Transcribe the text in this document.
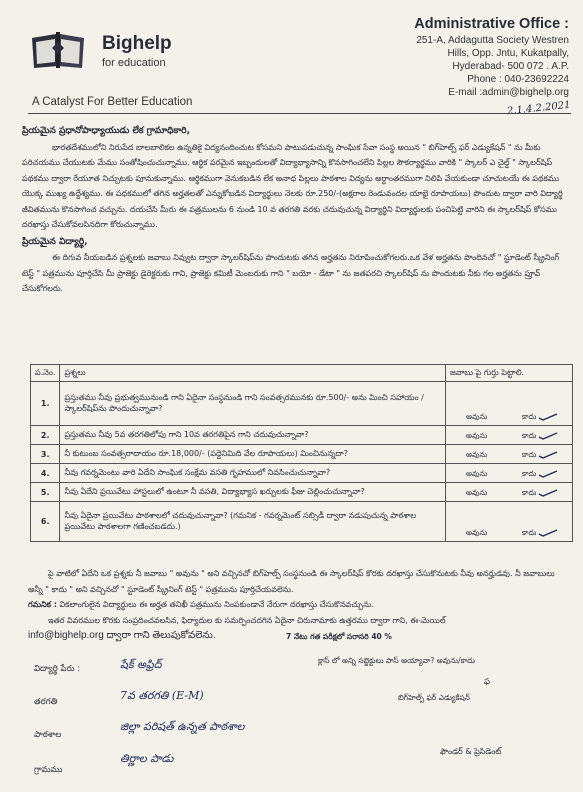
Bighelp
for education
A Catalyst For Better Education
Administrative Office :
251-A, Addagutta Society Westren
Hills, Opp. Jntu, Kukatpally,
Hyderabad- 500 072 . A.P.
Phone : 040-23692224
E-mail :admin@bighelp.org
2.1.4.2.2021
ప్రియమైన ప్రధానోపాధ్యాయుడు లేక గ్రామాధికారి,
భారతదేశములోని నిరుపేద బాలబాలికల ఉన్నతికై విద్యనందించుట కోసమని పాటుపడుచున్న సాంఘిక సేవా సంస్థ అయిన " బిగ్‌హెల్ప్ ఫర్ ఎడ్యుకేషన్ " ను మీకు పరిచయము చేయుటకు మేము సంతోషించుచున్నాము. ఆర్థిక పరమైన ఇబ్బందులతో విద్యాభ్యాసాన్ని కొనసాగించలేని పిల్లల సౌకర్యార్థము వారికి " స్కాలర్ ఎ చైల్డ్ " స్కాలర్‌షిప్ పథకము ద్వారా రేయూత నిచ్చుటకు పూనుకున్నాము. ఆర్థికముగా వెనుకబడిన లేక అనాధ పిల్లలు పాఠశాల విద్యను అర్ధాంతరముగా నిలిపి వేయకుండా చూచుటయే ఈ పథకము యొక్క ముఖ్య ఉద్దేశ్యము. ఈ పధకములో తగిన అర్హతలతో ఎన్నుకోబడిన విద్యార్థులు నెలకు రూ.250/-(అక్షరాల రెండువందల యాభై రూపాయలు) పొందుట ద్వారా వారి విద్యార్థి జీవితమును కొనసాగించ వచ్చును. దయచేసి మీరు ఈ పత్రములను 6 నుండి 10 వ తరగతి వరకు చదువుచున్న విద్యార్థిని విద్యార్థులకు పంచిపెట్టి వారిని ఈ స్కాలర్‌షిప్ కోసము దరఖాస్తు చేసుకోవలసినదిగా కోరుచున్నాము.
ప్రియమైన విద్యార్థి,
ఈ దిగువ నీయబడిన ప్రశ్నలకు జవాబు నివ్వుట ద్వారా స్కాలర్‌షిప్‌ను పొందుటకు తగిన అర్హతను నిరూపించుకోగలరు.ఒక వేళ అర్హతను పొందినచో " స్టూడెంట్ స్క్రీనింగ్ టెస్ట్ " పత్రమును పూర్తిచేసి మీ ప్రాజెక్టు డైరెక్టరుకు గాని, ప్రాజెక్టు కమిటీ మెంబరుకు గాని " బయో - డేటా " ను జతపరచి స్కాలర్‌షిప్ ను పొందుటకు నీకు గల అర్హతను ప్రూవ్ చేసుకోగలరు.
ప.నెం.	ప్రశ్నలు	జవాబు పై గుర్తు పెట్టాలి.
1.	ప్రస్తుతము నీవు ప్రభుత్వమునుండి గాని ఏదైనా సంస్థనుండి గాని సంవత్సరమునకు రూ.500/- అను మించి సహాయం / స్కాలర్‌షిప్‌ను పొందుచున్నావా?	అవును కాదు

2.	ప్రస్తుతము నీవు 5వ తరగతిలోపు గాని 10వ తరగతిపైన గాని చదువుచున్నావా?	అవును కాదు

3.	నీ కుటుంబ సంవత్సరాదాయం రూ.18,000/- (పద్దెనిమిది వేల రూపాయలు) మించినున్నదా?	అవును కాదు

4.	నీవు గవర్నమెంటు వారి ఏదేని సాంఘిక సంక్షేమ వసతి గృహములో నివసించుచున్నావా?	అవును కాదు

5.	నీవు ఏదేని ప్రయివేటు హాస్టలులో ఉంటూ నీ వసతి, విద్యాభ్యాస ఖర్చులకు ఫీజు చెల్లించుచున్నావా?	అవును కాదు

6.	నీవు ఏదైనా ప్రయివేటు పాఠశాలలో చదువుచున్నావా? (గమనిక - గవర్నమెంట్ సబ్సిడీ ద్వారా నడుపుచున్న పాఠశాల ప్రయివేటు పాఠశాలగా గణించబడదు.)	అవును కాదు
పై వాటిలో ఏదేని ఒక ప్రశ్నకు నీ జవాబు " అవును " అని వచ్చినచో బిగ్‌హెల్ప్ సంస్థనుండి ఈ స్కాలర్‌షిప్ కొరకు దరఖాస్తు చేసుకొనుటకు నీవు అనర్హుడవు. నీ జవాబులు అన్నీ " కాదు " అని వచ్చినచో " స్టూడెంట్ స్క్రీనింగ్ టెస్ట్ " పత్రమును పూర్తిచేయవలెను.
గమనిక : వికలాంగులైన విద్యార్థులు ఈ అర్హత తనిఖీ పత్రమును నింపకుండానే నేరుగా దరఖాస్తు చేసుకొనవచ్చును.
ఇతర వివరముల కొరకు సంప్రదించవలసిన, ఫిర్యాదుల కు సమర్పించదగిన ఏదైనా చిరునామాకు ఉత్తరము ద్వారా గాని, ఈ-మెయిల్
info@bighelp.org ద్వారా గాని తెలుపుకోవలెను.	7 నేటు గత పరీక్షలో సరాసరి 40 %
క్లాస్ లో అన్ని సబ్జెక్టులు పాస్ అయ్యావా? అవును/కాదు
విద్యార్థి పేరు :	షేక్ అఫ్రిద్
తరగతి	7వ తరగతి (E-M)
పాఠశాల
జిల్లా పరిషత్ ఉన్నత పాఠశాల
గ్రామము
తిర్ణాల పాడు
ఫ
బిగ్‌హెల్ప్ ఫర్ ఎడ్యుకేషన్
ఫౌండర్ & ప్రెసిడెంట్
